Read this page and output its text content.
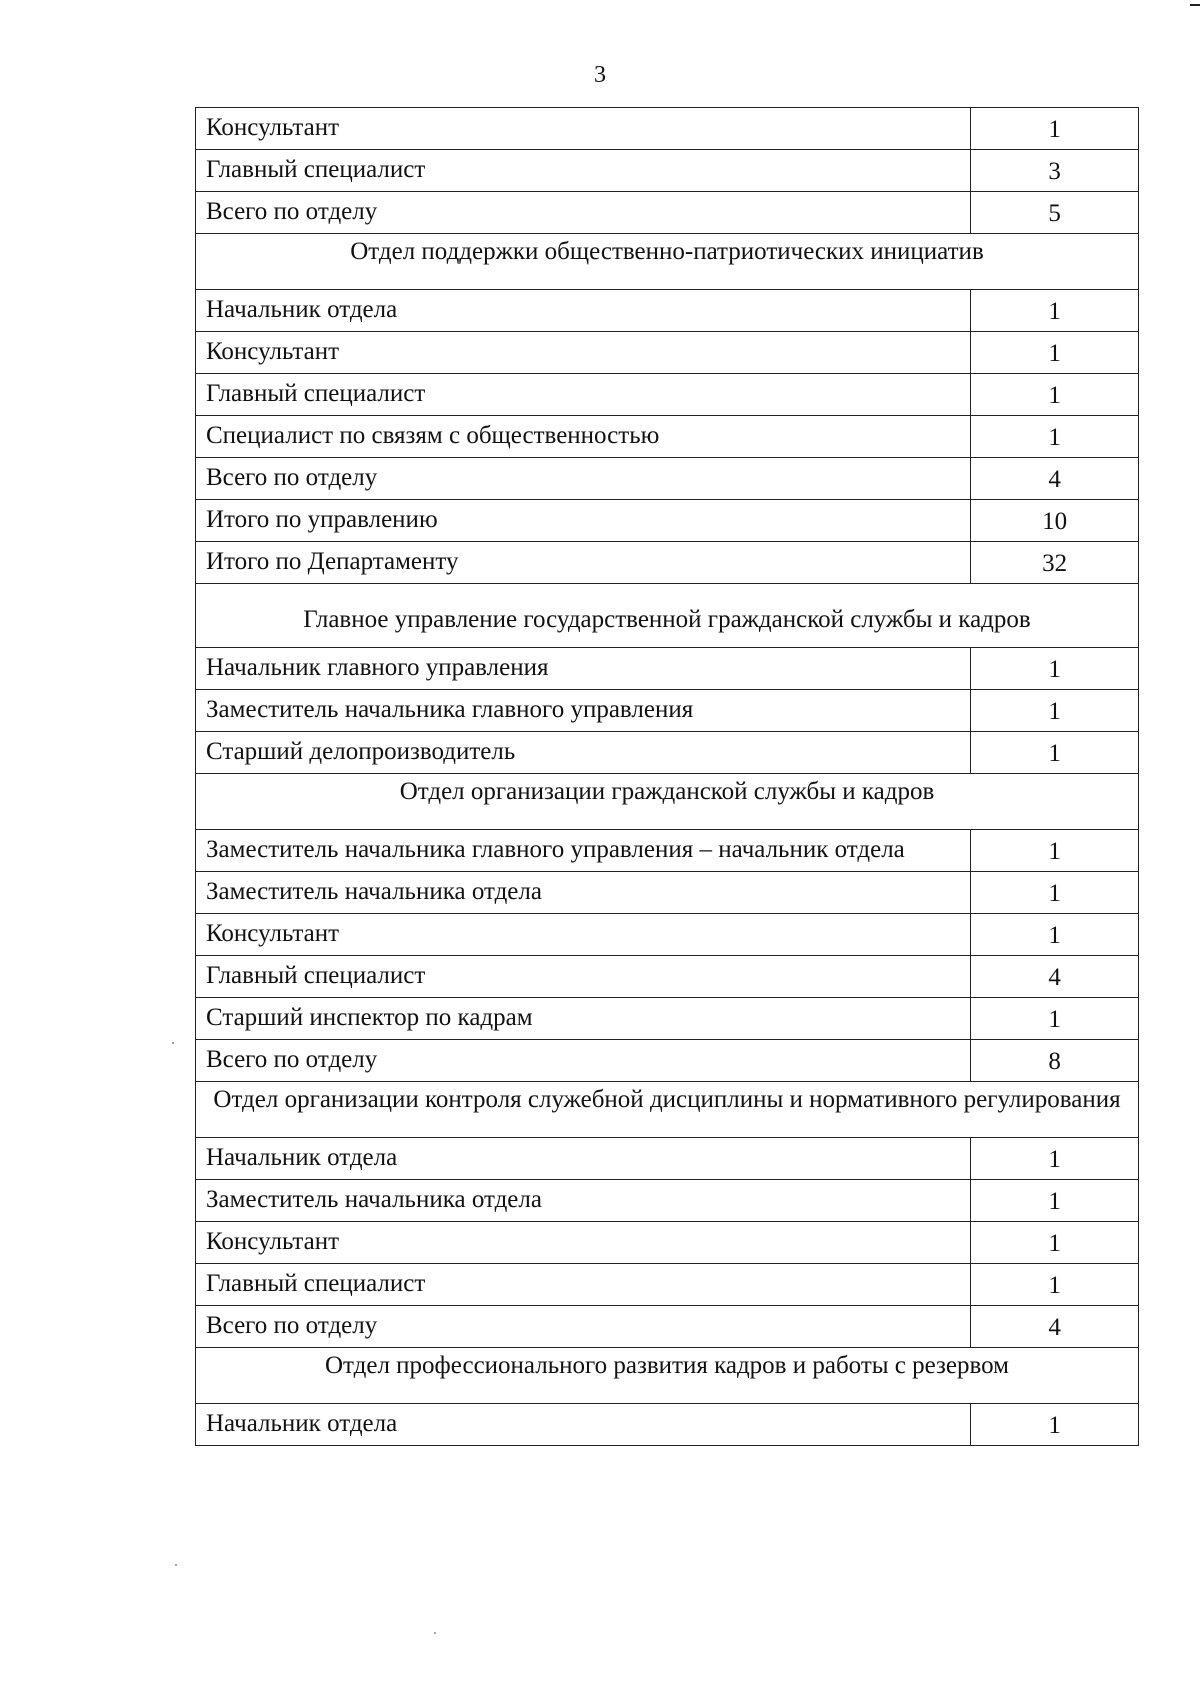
3
Консультант	1
Главный специалист	3
Всего по отделу	5
Отдел поддержки общественно-патриотических инициатив	
Начальник отдела	1
Консультант	1
Главный специалист	1
Специалист по связям с общественностью	1
Всего по отделу	4
Итого по управлению	10
Итого по Департаменту	32
Главное управление государственной гражданской службы и кадров	
Начальник главного управления	1
Заместитель начальника главного управления	1
Старший делопроизводитель	1
Отдел организации гражданской службы и кадров	
Заместитель начальника главного управления – начальник отдела	1
Заместитель начальника отдела	1
Консультант	1
Главный специалист	4
Старший инспектор по кадрам	1
Всего по отделу	8
Отдел организации контроля служебной дисциплины и нормативного регулирования	
Начальник отдела	1
Заместитель начальника отдела	1
Консультант	1
Главный специалист	1
Всего по отделу	4
Отдел профессионального развития кадров и работы с резервом	
Начальник отдела	1
